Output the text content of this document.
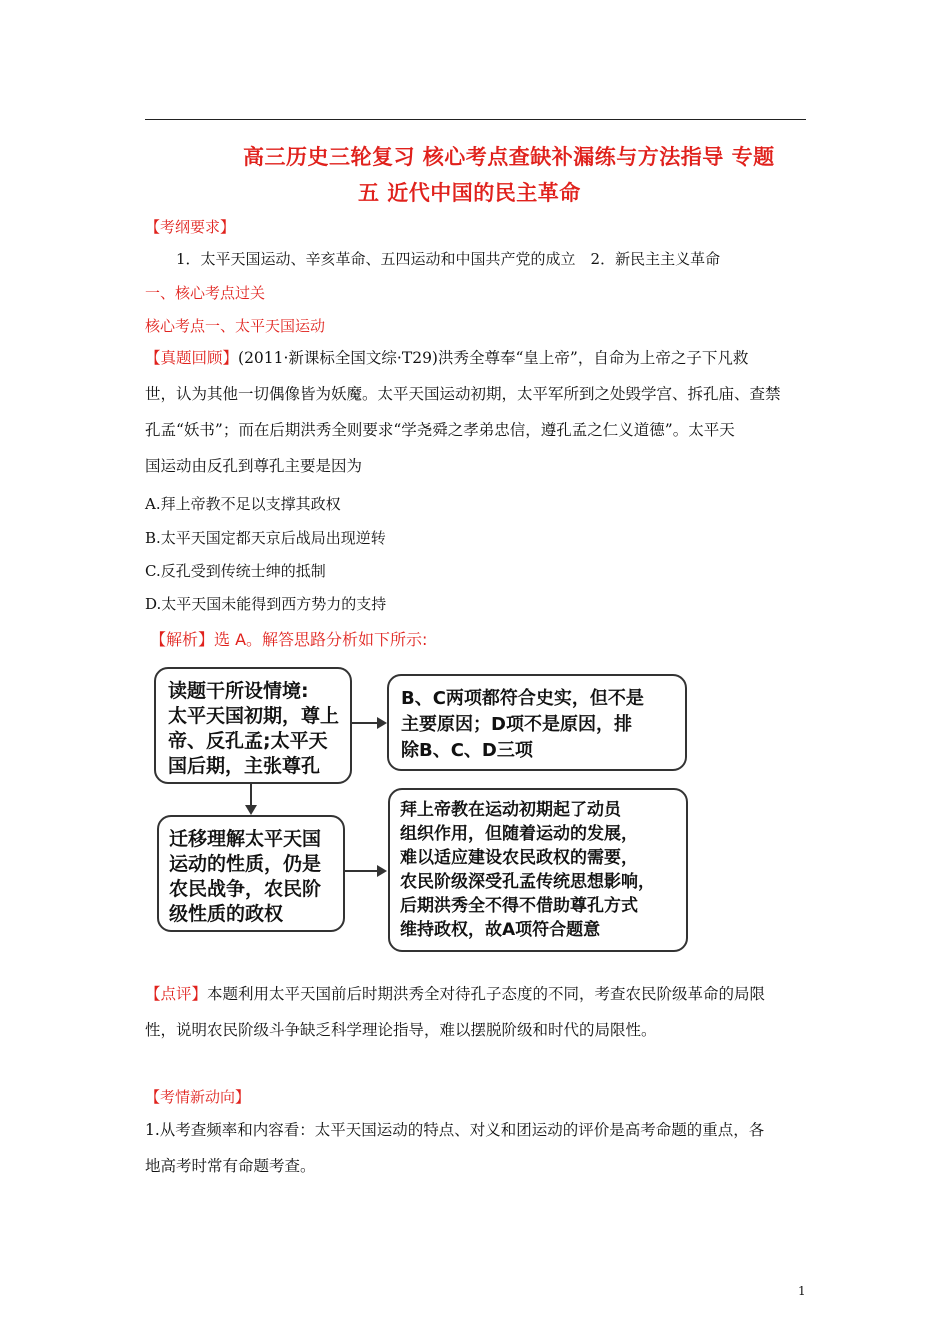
高三历史三轮复习 核心考点查缺补漏练与方法指导 专题
五 近代中国的民主革命
【考纲要求】
1．太平天国运动、辛亥革命、五四运动和中国共产党的成立　2．新民主主义革命
一、核心考点过关
核心考点一、太平天国运动
【真题回顾】(2011·新课标全国文综·T29)洪秀全尊奉“皇上帝”，自命为上帝之子下凡救
世，认为其他一切偶像皆为妖魔。太平天国运动初期，太平军所到之处毁学宫、拆孔庙、查禁
孔孟“妖书”；而在后期洪秀全则要求“学尧舜之孝弟忠信，遵孔孟之仁义道德”。太平天
国运动由反孔到尊孔主要是因为
A.拜上帝教不足以支撑其政权
B.太平天国定都天京后战局出现逆转
C.反孔受到传统士绅的抵制
D.太平天国未能得到西方势力的支持
【解析】选 A。解答思路分析如下所示:
读题干所设情境:
太平天国初期，尊上
帝、反孔孟;太平天
国后期，主张尊孔
B、C两项都符合史实，但不是
主要原因；D项不是原因，排
除B、C、D三项
迁移理解太平天国
运动的性质，仍是
农民战争，农民阶
级性质的政权
拜上帝教在运动初期起了动员
组织作用，但随着运动的发展，
难以适应建设农民政权的需要，
农民阶级深受孔孟传统思想影响，
后期洪秀全不得不借助尊孔方式
维持政权，故A项符合题意
【点评】本题利用太平天国前后时期洪秀全对待孔子态度的不同，考查农民阶级革命的局限
性，说明农民阶级斗争缺乏科学理论指导，难以摆脱阶级和时代的局限性。
【考情新动向】
1.从考查频率和内容看：太平天国运动的特点、对义和团运动的评价是高考命题的重点，各
地高考时常有命题考查。
1
